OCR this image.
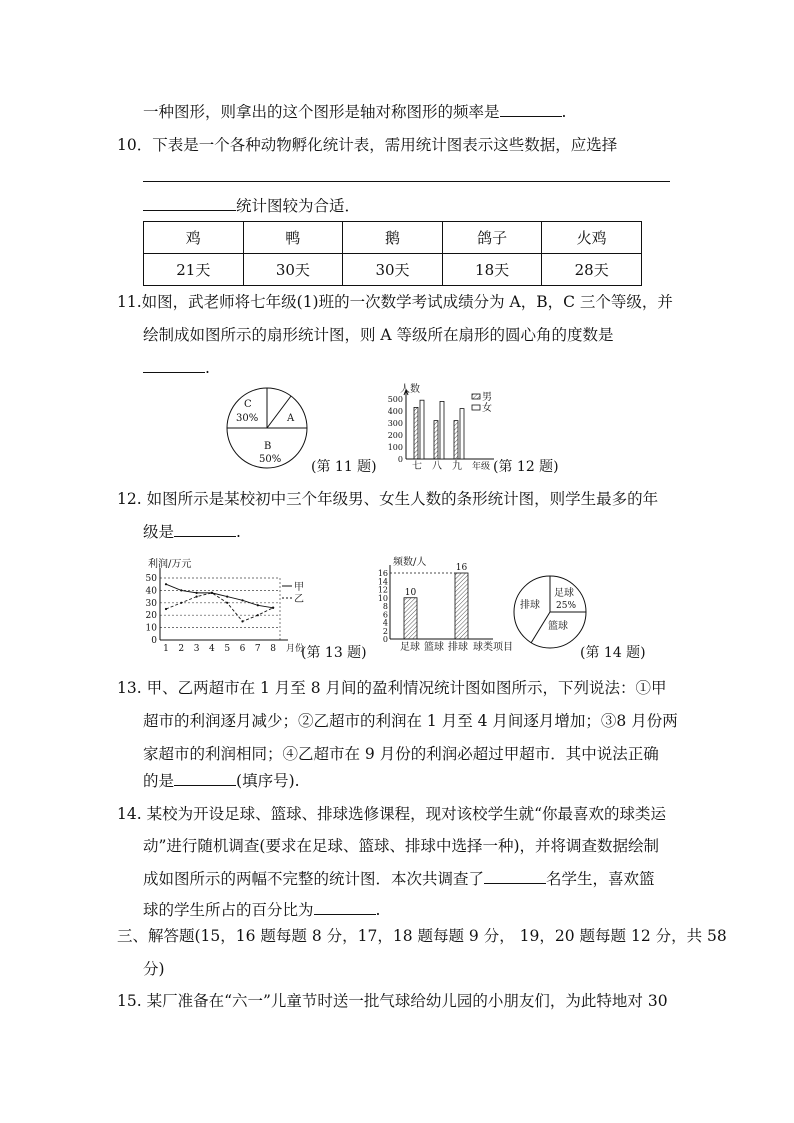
一种图形，则拿出的这个图形是轴对称图形的频率是	.
10．下表是一个各种动物孵化统计表，需用统计图表示这些数据，应选择
统计图较为合适．
鸡	鸭	鹅	鸽子	火鸡
21天	30天	30天	18天	28天
11.如图，武老师将七年级(1)班的一次数学考试成绩分为 A，B，C 三个等级，并
绘制成如图所示的扇形统计图，则 A 等级所在扇形的圆心角的度数是
.
C
30%	A
B
50% (第 11 题)
人数
0
100
200
300
400
500
七 八 九 年级
男
女
(第 12 题)
12. 如图所示是某校初中三个年级男、女生人数的条形统计图，则学生最多的年
级是	.
0
10
20
30
40
50
利润/万元
1 2 3 4 5 6 7 8 月份
甲
乙
(第 13 题)
频数/人
0
2
4
6
8
10
12
14
16
10
足球 篮球
16
排球 球类项目
足球
25%
排球
篮球
(第 14 题)
13. 甲、乙两超市在 1 月至 8 月间的盈利情况统计图如图所示，下列说法：①甲
超市的利润逐月减少；②乙超市的利润在 1 月至 4 月间逐月增加；③8 月份两
家超市的利润相同；④乙超市在 9 月份的利润必超过甲超市．其中说法正确
的是	(填序号).
14. 某校为开设足球、篮球、排球选修课程，现对该校学生就“你最喜欢的球类运
动”进行随机调查(要求在足球、篮球、排球中选择一种)，并将调查数据绘制
成如图所示的两幅不完整的统计图．本次共调查了	名学生，喜欢篮
球的学生所占的百分比为	.
三、解答题(15，16 题每题 8 分，17，18 题每题 9 分， 19，20 题每题 12 分，共 58
分)
15. 某厂准备在“六一”儿童节时送一批气球给幼儿园的小朋友们，为此特地对 30
